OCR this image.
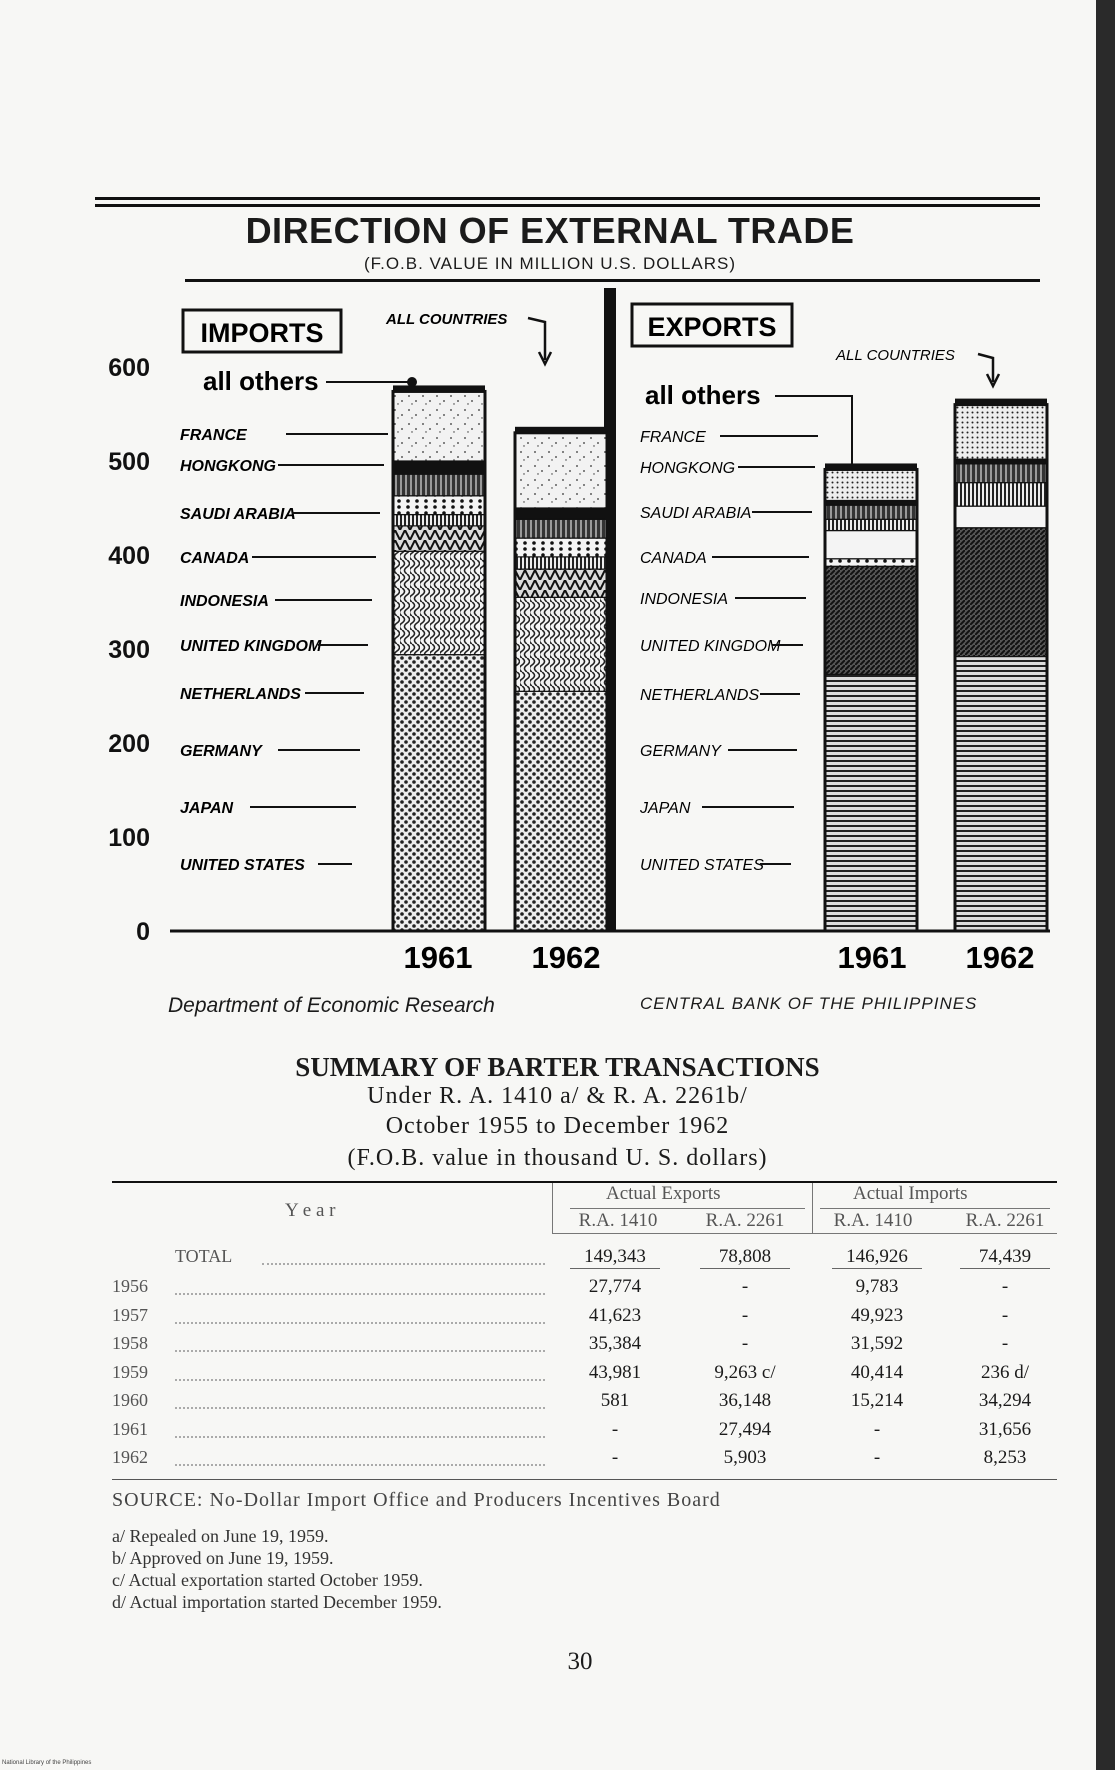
DIRECTION OF EXTERNAL TRADE
(F.O.B. VALUE IN MILLION U.S. DOLLARS)
0
100
200
300
400
500
600
IMPORTS	EXPORTS
ALL COUNTRIES
ALL COUNTRIES
all others	all others
1961 1962	1961 1962
FRANCE
HONGKONG
SAUDI ARABIA
CANADA
INDONESIA
UNITED KINGDOM
NETHERLANDS
GERMANY
JAPAN
UNITED STATES
FRANCE
HONGKONG
SAUDI ARABIA
CANADA
INDONESIA
UNITED KINGDOM
NETHERLANDS
GERMANY
JAPAN
UNITED STATES
Department of Economic Research	CENTRAL BANK OF THE PHILIPPINES
SUMMARY OF BARTER TRANSACTIONS
Under R. A. 1410 a/ & R. A. 2261b/
October 1955 to December 1962
(F.O.B. value in thousand U. S. dollars)
Y e a r
Actual Exports	Actual Imports
R.A. 1410	R.A. 2261	R.A. 1410	R.A. 2261
TOTAL	149,343	78,808	146,926	74,439
1956	27,774	-	9,783	-
1957	41,623	-	49,923	-
1958	35,384	-	31,592	-
1959	43,981	9,263 c/	40,414	236 d/
1960	581	36,148	15,214	34,294
1961	-	27,494	-	31,656
1962	-	5,903	-	8,253
SOURCE: No-Dollar Import Office and Producers Incentives Board
a/ Repealed on June 19, 1959.
b/ Approved on June 19, 1959.
c/ Actual exportation started October 1959.
d/ Actual importation started December 1959.
30
National Library of the Philippines
